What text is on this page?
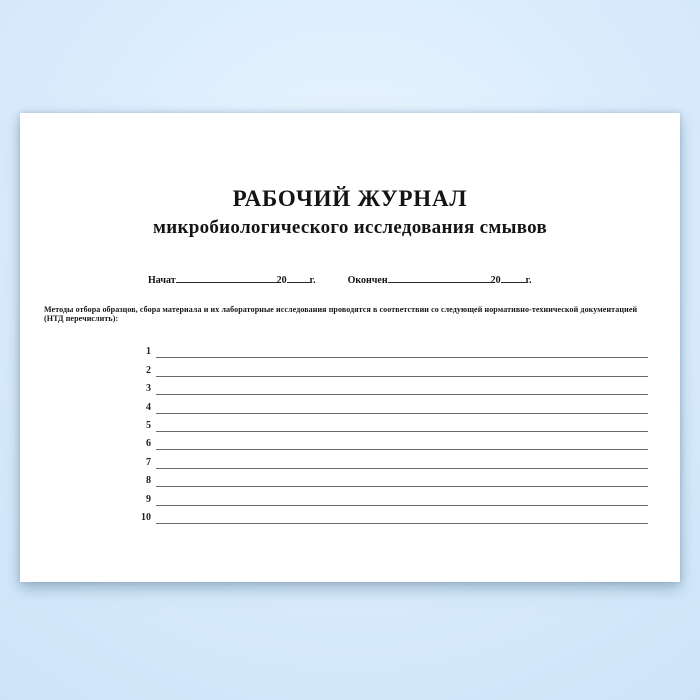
РАБОЧИЙ ЖУРНАЛ
микробиологического исследования смывов
Начат	20 г.	Окончен	20	г.
Методы отбора образцов, сбора материала и их лабораторные исследования проводятся в соответствии со следующей нормативно-технической документацией
(НТД перечислить):
1
2
3
4
5
6
7
8
9
10
